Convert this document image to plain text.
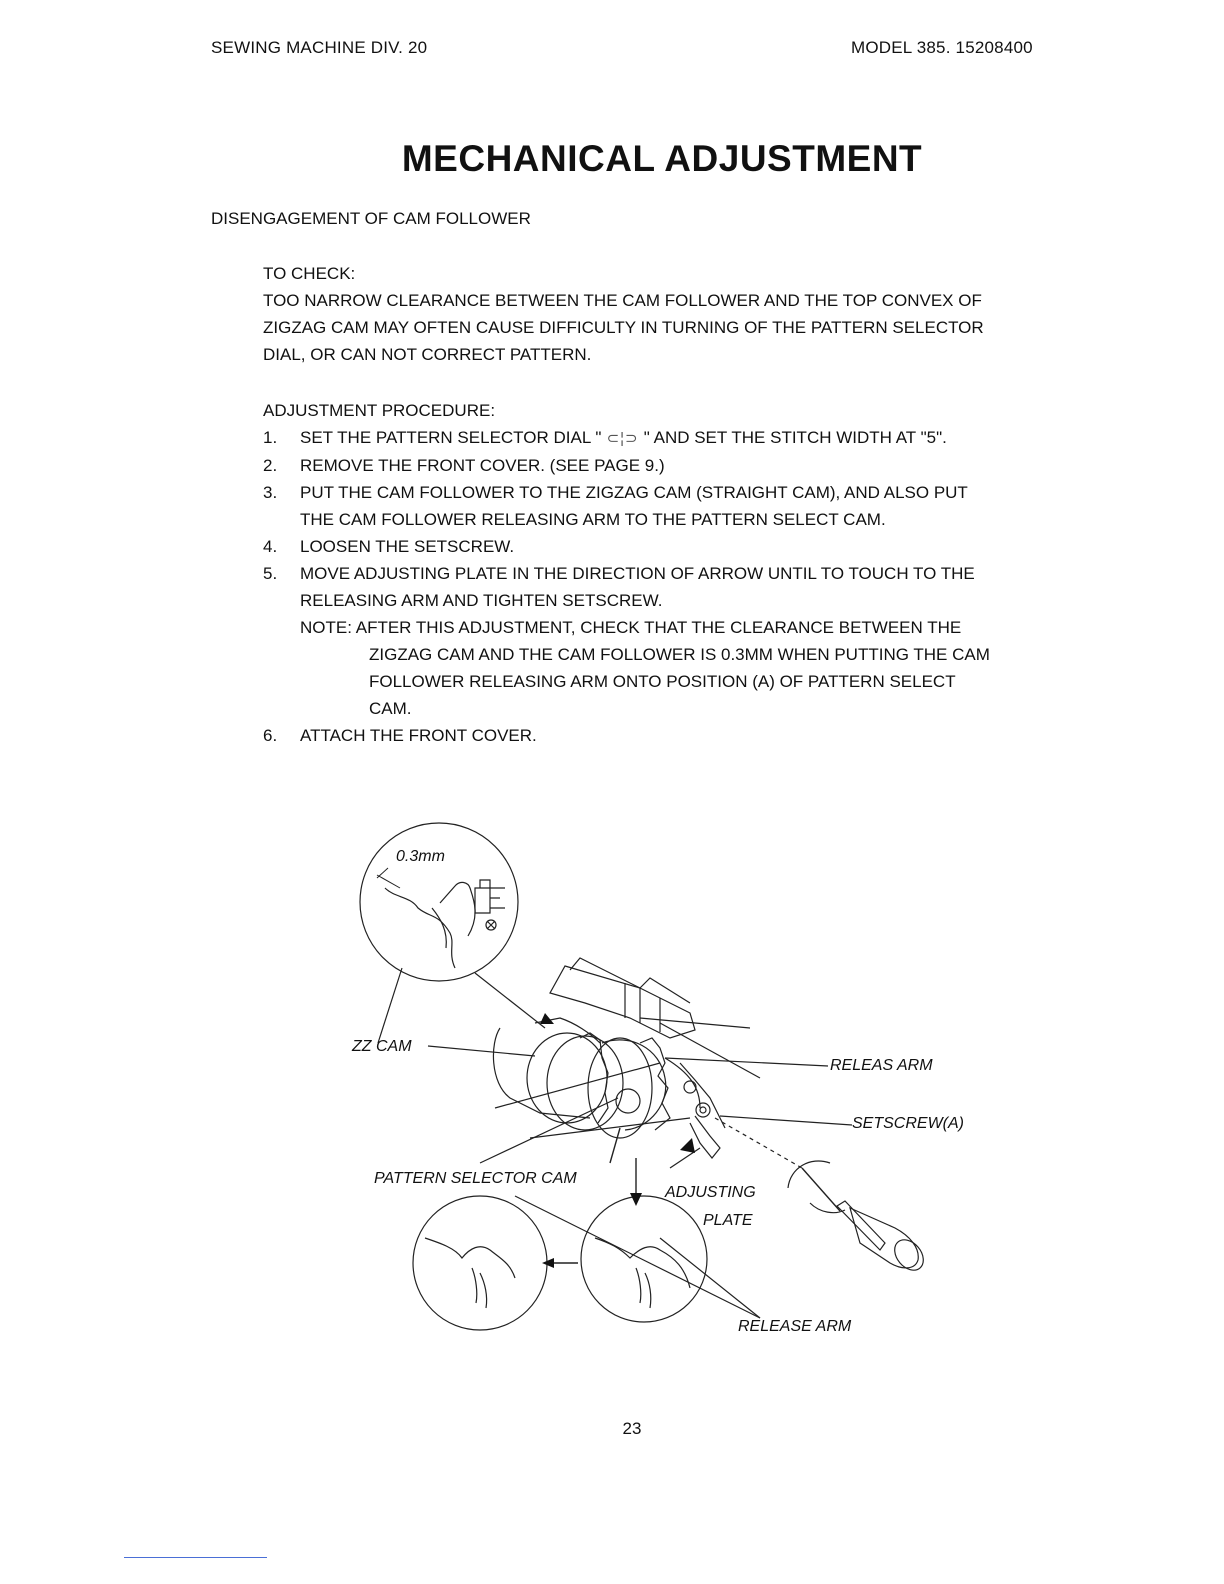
SEWING MACHINE DIV. 20	MODEL 385. 15208400
MECHANICAL ADJUSTMENT
DISENGAGEMENT OF CAM FOLLOWER
TO CHECK:
TOO NARROW CLEARANCE BETWEEN THE CAM FOLLOWER AND THE TOP CONVEX OF
ZIGZAG CAM MAY OFTEN CAUSE DIFFICULTY IN TURNING OF THE PATTERN SELECTOR
DIAL, OR CAN NOT CORRECT PATTERN.
ADJUSTMENT PROCEDURE:
1.	SET THE PATTERN SELECTOR DIAL " ⊂¦⊃ " AND SET THE STITCH WIDTH AT "5".
2.	REMOVE THE FRONT COVER. (SEE PAGE 9.)
3.	PUT THE CAM FOLLOWER TO THE ZIGZAG CAM (STRAIGHT CAM), AND ALSO PUT
THE CAM FOLLOWER RELEASING ARM TO THE PATTERN SELECT CAM.
4.	LOOSEN THE SETSCREW.
5.	MOVE ADJUSTING PLATE IN THE DIRECTION OF ARROW UNTIL TO TOUCH TO THE
RELEASING ARM AND TIGHTEN SETSCREW.
NOTE: AFTER THIS ADJUSTMENT, CHECK THAT THE CLEARANCE BETWEEN THE
ZIGZAG CAM AND THE CAM FOLLOWER IS 0.3MM WHEN PUTTING THE CAM
FOLLOWER RELEASING ARM ONTO POSITION (A) OF PATTERN SELECT
CAM.
6.	ATTACH THE FRONT COVER.
0.3mm
ZZ CAM
RELEAS ARM
SETSCREW(A)
PATTERN SELECTOR CAM
ADJUSTING
PLATE
RELEASE ARM
23
